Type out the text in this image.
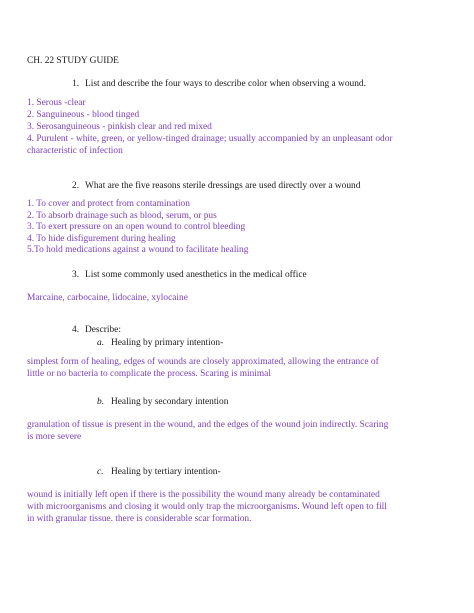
CH. 22 STUDY GUIDE
1. List and describe the four ways to describe color when observing a wound.
1. Serous -clear
2. Sanguineous - blood tinged
3. Serosanguineous - pinkish clear and red mixed
4. Purulent - white, green, or yellow-tinged drainage; usually accompanied by an unpleasant odor
characteristic of infection
2. What are the five reasons sterile dressings are used directly over a wound
1. To cover and protect from contamination
2. To absorb drainage such as blood, serum, or pus
3. To exert pressure on an open wound to control bleeding
4. To hide disfigurement during healing
5.To hold medications against a wound to facilitate healing
3. List some commonly used anesthetics in the medical office
Marcaine, carbocaine, lidocaine, xylocaine
4. Describe:
a. Healing by primary intention-
simplest form of healing, edges of wounds are closely approximated, allowing the entrance of
little or no bacteria to complicate the process. Scaring is minimal
b. Healing by secondary intention
granulation of tissue is present in the wound, and the edges of the wound join indirectly. Scaring
is more severe
c. Healing by tertiary intention-
wound is initially left open if there is the possibility the wound many already be contaminated
with microorganisms and closing it would only trap the microorganisms. Wound left open to fill
in with granular tissue. there is considerable scar formation.
